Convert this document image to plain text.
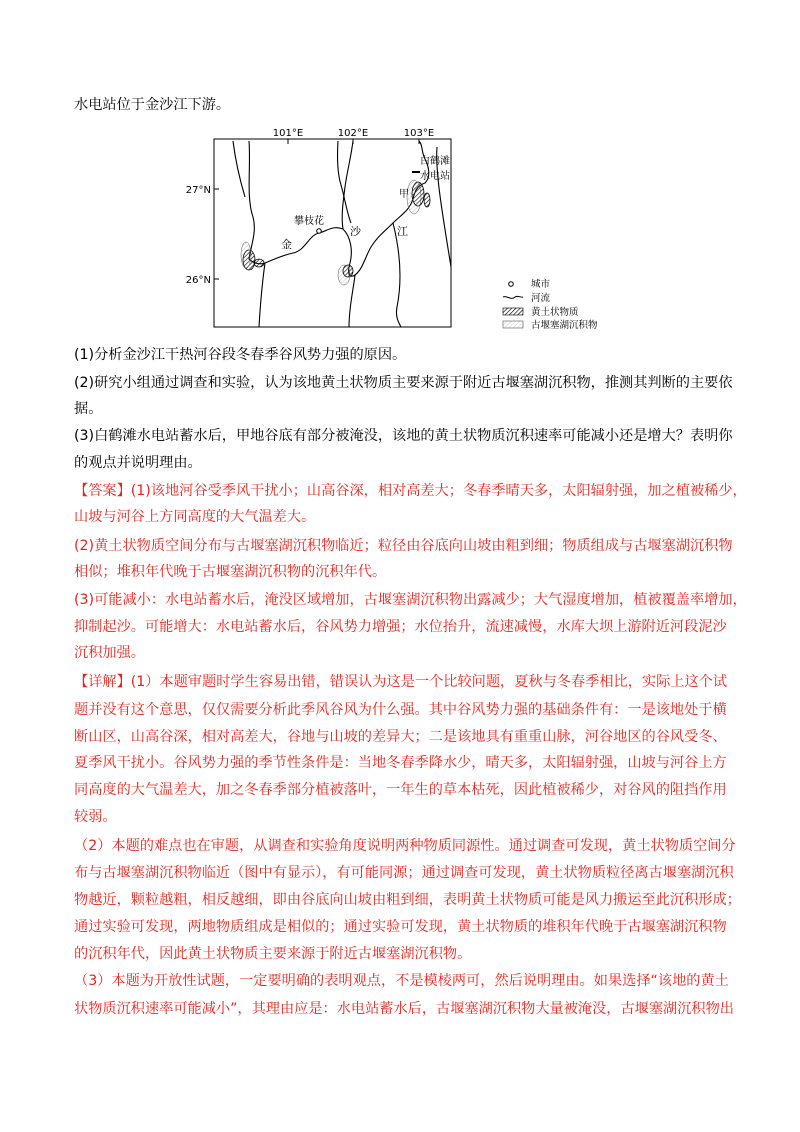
水电站位于金沙江下游。
101°E	102°E	103°E
27°N
26°N
攀枝花
白鹤滩
水电站
甲
金
沙	江
城市
河流
黄土状物质
古堰塞湖沉积物
(1)分析金沙江干热河谷段冬春季谷风势力强的原因。
(2)研究小组通过调查和实验，认为该地黄土状物质主要来源于附近古堰塞湖沉积物，推测其判断的主要依
据。
(3)白鹤滩水电站蓄水后，甲地谷底有部分被淹没，该地的黄土状物质沉积速率可能减小还是增大？表明你
的观点并说明理由。
【答案】(1)该地河谷受季风干扰小；山高谷深，相对高差大；冬春季晴天多，太阳辐射强，加之植被稀少，
山坡与河谷上方同高度的大气温差大。
(2)黄土状物质空间分布与古堰塞湖沉积物临近；粒径由谷底向山坡由粗到细；物质组成与古堰塞湖沉积物
相似；堆积年代晚于古堰塞湖沉积物的沉积年代。
(3)可能减小：水电站蓄水后，淹没区域增加，古堰塞湖沉积物出露减少；大气湿度增加，植被覆盖率增加，
抑制起沙。可能增大：水电站蓄水后，谷风势力增强；水位抬升，流速减慢，水库大坝上游附近河段泥沙
沉积加强。
【详解】(1）本题审题时学生容易出错，错误认为这是一个比较问题，夏秋与冬春季相比，实际上这个试
题并没有这个意思，仅仅需要分析此季风谷风为什么强。其中谷风势力强的基础条件有：一是该地处于横
断山区，山高谷深，相对高差大，谷地与山坡的差异大；二是该地具有重重山脉，河谷地区的谷风受冬、
夏季风干扰小。谷风势力强的季节性条件是：当地冬春季降水少，晴天多，太阳辐射强，山坡与河谷上方
同高度的大气温差大，加之冬春季部分植被落叶，一年生的草本枯死，因此植被稀少，对谷风的阻挡作用
较弱。
（2）本题的难点也在审题，从调查和实验角度说明两种物质同源性。通过调查可发现，黄土状物质空间分
布与古堰塞湖沉积物临近（图中有显示），有可能同源；通过调查可发现，黄土状物质粒径离古堰塞湖沉积
物越近，颗粒越粗，相反越细，即由谷底向山坡由粗到细，表明黄土状物质可能是风力搬运至此沉积形成；
通过实验可发现，两地物质组成是相似的；通过实验可发现，黄土状物质的堆积年代晚于古堰塞湖沉积物
的沉积年代，因此黄土状物质主要来源于附近古堰塞湖沉积物。
（3）本题为开放性试题，一定要明确的表明观点，不是模棱两可，然后说明理由。如果选择“该地的黄土
状物质沉积速率可能减小”，其理由应是：水电站蓄水后，古堰塞湖沉积物大量被淹没，古堰塞湖沉积物出
